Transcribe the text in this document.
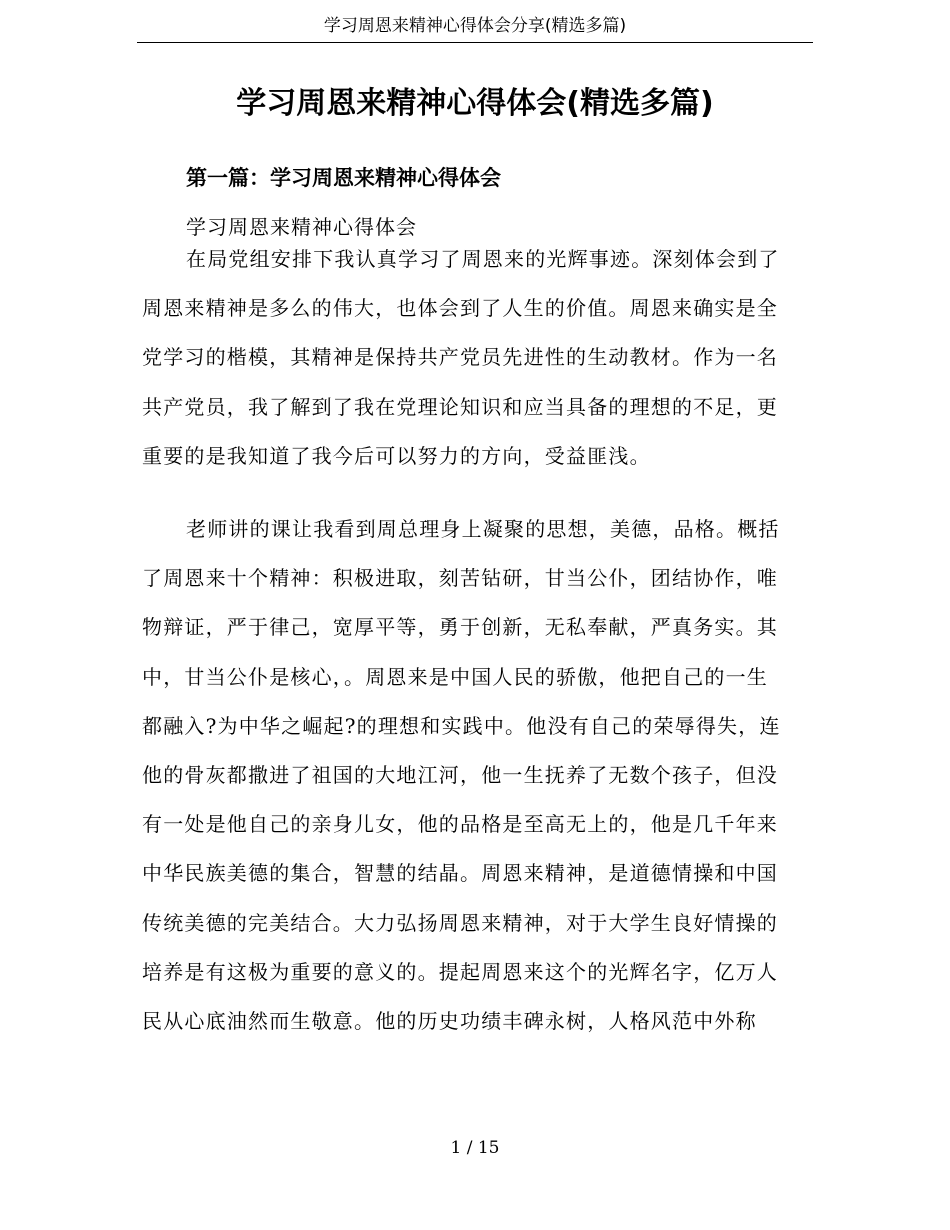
学习周恩来精神心得体会分享(精选多篇)
学习周恩来精神心得体会(精选多篇)
第一篇：学习周恩来精神心得体会

学习周恩来精神心得体会

在局党组安排下我认真学习了周恩来的光辉事迹。深刻体会到了
周恩来精神是多么的伟大，也体会到了人生的价值。周恩来确实是全
党学习的楷模，其精神是保持共产党员先进性的生动教材。作为一名
共产党员，我了解到了我在党理论知识和应当具备的理想的不足，更
重要的是我知道了我今后可以努力的方向，受益匪浅。
老师讲的课让我看到周总理身上凝聚的思想，美德，品格。概括
了周恩来十个精神：积极进取，刻苦钻研，甘当公仆，团结协作，唯
物辩证，严于律己，宽厚平等，勇于创新，无私奉献，严真务实。其
中，甘当公仆是核心，。周恩来是中国人民的骄傲，他把自己的一生
都融入?为中华之崛起?的理想和实践中。他没有自己的荣辱得失，连
他的骨灰都撒进了祖国的大地江河，他一生抚养了无数个孩子，但没
有一处是他自己的亲身儿女，他的品格是至高无上的，他是几千年来
中华民族美德的集合，智慧的结晶。周恩来精神，是道德情操和中国
传统美德的完美结合。大力弘扬周恩来精神，对于大学生良好情操的
培养是有这极为重要的意义的。提起周恩来这个的光辉名字，亿万人
民从心底油然而生敬意。他的历史功绩丰碑永树，人格风范中外称
1 / 15
